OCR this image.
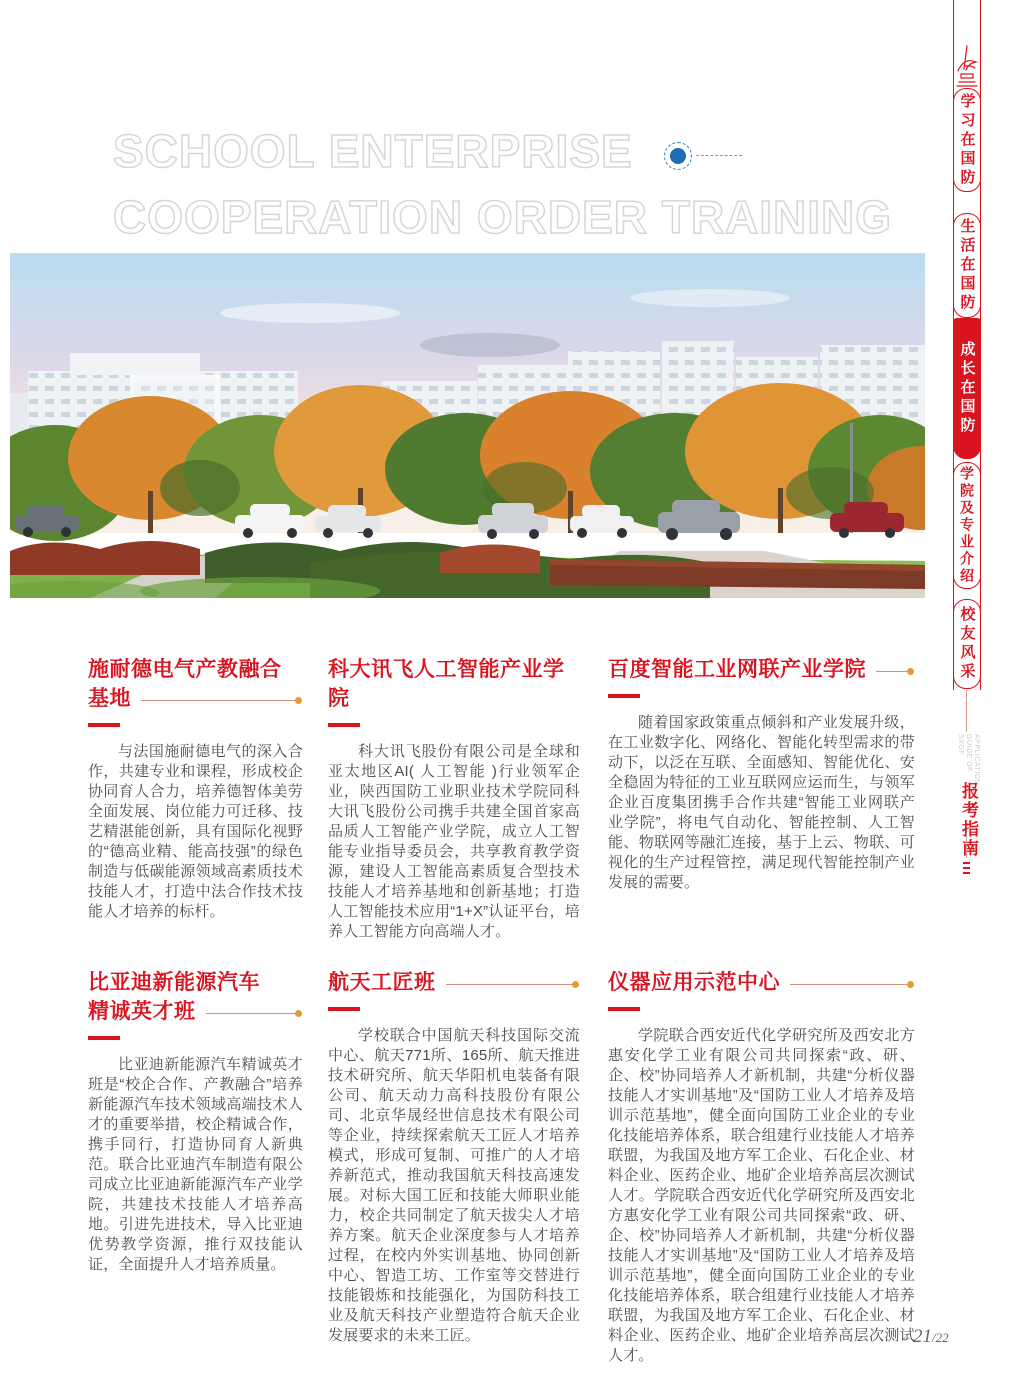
SCHOOL ENTERPRISE
COOPERATION ORDER TRAINING
施耐德电气产教融合
基地
与法国施耐德电气的深入合作，共建专业和课程，形成校企协同育人合力，培养德智体美劳全面发展、岗位能力可迁移、技艺精湛能创新，具有国际化视野的“德高业精、能高技强”的绿色制造与低碳能源领域高素质技术技能人才，打造中法合作技术技能人才培养的标杆。
科大讯飞人工智能产业学院
科大讯飞股份有限公司是全球和亚太地区AI( 人工智能 )行业领军企业，陕西国防工业职业技术学院同科大讯飞股份公司携手共建全国首家高品质人工智能产业学院，成立人工智能专业指导委员会，共享教育教学资源，建设人工智能高素质复合型技术技能人才培养基地和创新基地；打造人工智能技术应用“1+X”认证平台，培养人工智能方向高端人才。
百度智能工业网联产业学院
随着国家政策重点倾斜和产业发展升级，在工业数字化、网络化、智能化转型需求的带动下，以泛在互联、全面感知、智能优化、安全稳固为特征的工业互联网应运而生，与领军企业百度集团携手合作共建“智能工业网联产业学院”，将电气自动化、智能控制、人工智能、物联网等融汇连接，基于上云、物联、可视化的生产过程管控，满足现代智能控制产业发展的需要。
比亚迪新能源汽车
精诚英才班
比亚迪新能源汽车精诚英才班是“校企合作、产教融合”培养新能源汽车技术领域高端技术人才的重要举措，校企精诚合作，携手同行，打造协同育人新典范。联合比亚迪汽车制造有限公司成立比亚迪新能源汽车产业学院，共建技术技能人才培养高地。引进先进技术，导入比亚迪优势教学资源，推行双技能认证，全面提升人才培养质量。
航天工匠班
学校联合中国航天科技国际交流中心、航天771所、165所、航天推进技术研究所、航天华阳机电装备有限公司、航天动力高科技股份有限公司、北京华晟经世信息技术有限公司等企业，持续探索航天工匠人才培养模式，形成可复制、可推广的人才培养新范式，推动我国航天科技高速发展。对标大国工匠和技能大师职业能力，校企共同制定了航天拔尖人才培养方案。航天企业深度参与人才培养过程，在校内外实训基地、协同创新中心、智造工坊、工作室等交替进行技能锻炼和技能强化，为国防科技工业及航天科技产业塑造符合航天企业发展要求的未来工匠。
仪器应用示范中心
学院联合西安近代化学研究所及西安北方惠安化学工业有限公司共同探索“政、研、企、校”协同培养人才新机制，共建“分析仪器技能人才实训基地”及“国防工业人才培养及培训示范基地”，健全面向国防工业企业的专业化技能培养体系，联合组建行业技能人才培养联盟，为我国及地方军工企业、石化企业、材料企业、医药企业、地矿企业培养高层次测试人才。学院联合西安近代化学研究所及西安北方惠安化学工业有限公司共同探索“政、研、企、校”协同培养人才新机制，共建“分析仪器技能人才实训基地”及“国防工业人才培养及培训示范基地”，健全面向国防工业企业的专业化技能培养体系，联合组建行业技能人才培养联盟，为我国及地方军工企业、石化企业、材料企业、医药企业、地矿企业培养高层次测试人才。
学习在国防
生活在国防
成长在国防
学院及专业介绍
校友风采
APPLICATION GUIDE OF SXGF
报考指南
21/22
